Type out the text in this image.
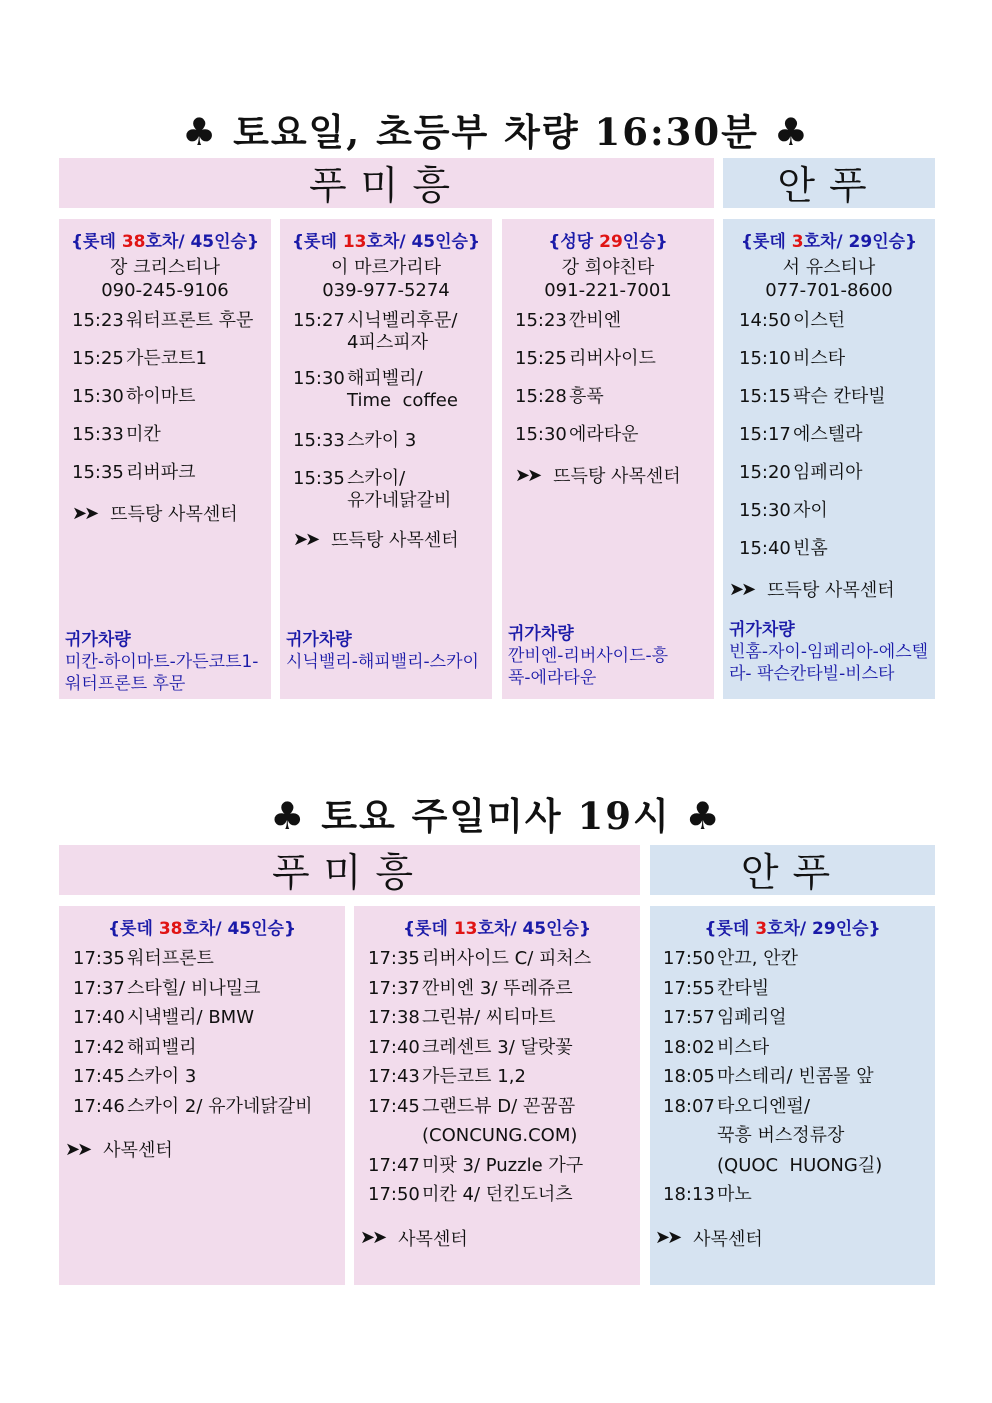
♣ 토요일, 초등부 차량 16:30분 ♣
푸미흥	안푸
{롯데 38호차/ 45인승}
장 크리스티나
090-245-9106
15:23 워터프론트 후문
15:25 가든코트1
15:30 하이마트
15:33 미칸
15:35 리버파크
➤➤ 뜨득탕 사목센터
귀가차량
미칸-하이마트-가든코트1-워터프론트 후문
{롯데 13호차/ 45인승}
이 마르가리타
039-977-5274
15:27 시닉벨리후문/
4피스피자
15:30 해피벨리/
Time  coffee
15:33 스카이 3
15:35 스카이/
유가네닭갈비
➤➤ 뜨득탕 사목센터
귀가차량
시닉밸리-해피밸리-스카이
{성당 29인승}
강 희야친타
091-221-7001
15:23 깐비엔
15:25 리버사이드
15:28 흥푹
15:30 에라타운
➤➤ 뜨득탕 사목센터
귀가차량
깐비엔-리버사이드-흥푹-에라타운
{롯데 3호차/ 29인승}
서 유스티나
077-701-8600
14:50 이스턴
15:10 비스타
15:15 팍슨 칸타빌
15:17 에스텔라
15:20 임페리아
15:30 자이
15:40 빈홈
➤➤ 뜨득탕 사목센터
귀가차량
빈홈-자이-임페리아-에스텔라- 팍슨칸타빌-비스타
♣ 토요 주일미사 19시 ♣
푸미흥	안푸
{롯데 38호차/ 45인승}
17:35 워터프론트
17:37 스타힐/ 비나밀크
17:40 시낵밸리/ BMW
17:42 해피밸리
17:45 스카이 3
17:46 스카이 2/ 유가네닭갈비
➤➤ 사목센터
{롯데 13호차/ 45인승}
17:35 리버사이드 C/ 피처스
17:37 깐비엔 3/ 뚜레쥬르
17:38 그린뷰/ 씨티마트
17:40 크레센트 3/ 달랏꽃
17:43 가든코트 1,2
17:45 그랜드뷰 D/ 꼰꿈꼼
(CONCUNG.COM)
17:47 미팟 3/ Puzzle 가구
17:50 미칸 4/ 던킨도너츠
➤➤ 사목센터
{롯데 3호차/ 29인승}
17:50 안끄, 안칸
17:55 칸타빌
17:57 임페리얼
18:02 비스타
18:05 마스테리/ 빈콤몰 앞
18:07 타오디엔펄/
꾹흥 버스정류장
(QUOC  HUONG길)
18:13 마노
➤➤ 사목센터
